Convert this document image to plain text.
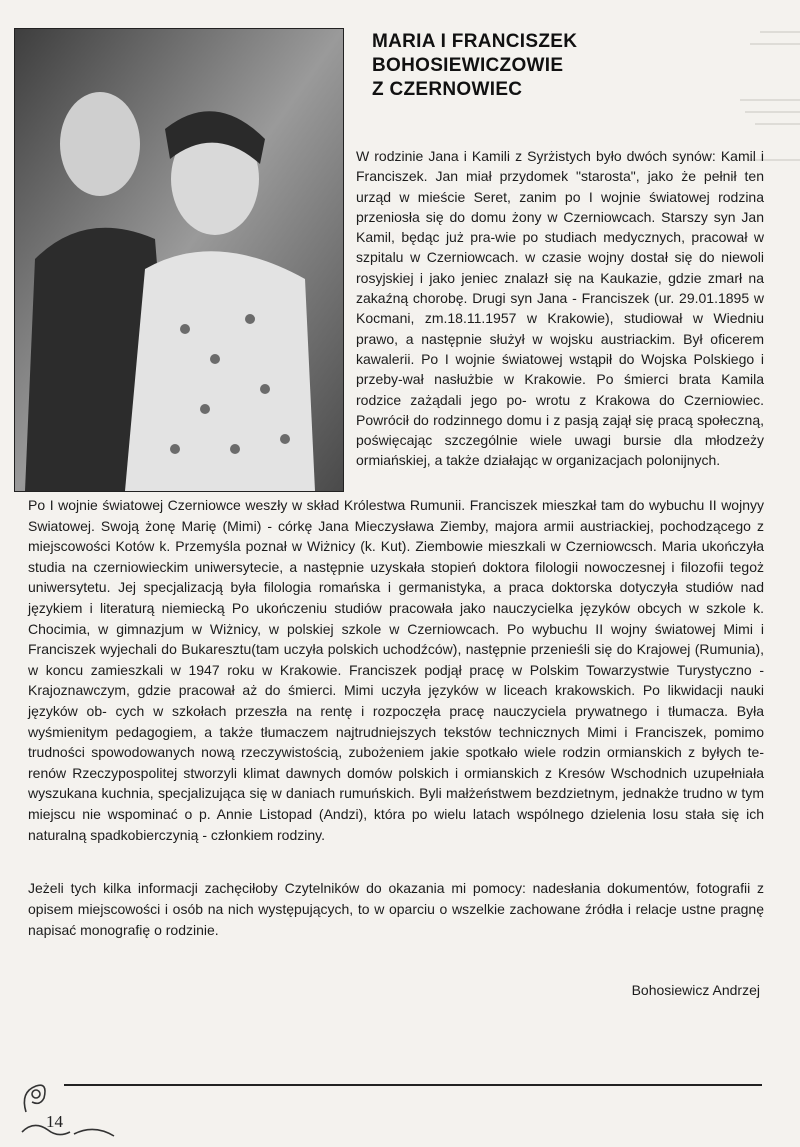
MARIA I FRANCISZEK
BOHOSIEWICZOWIE
Z CZERNOWIEC
W rodzinie Jana i Kamili z Syrżistych było dwóch synów: Kamil i Franciszek. Jan miał przydomek "starosta", jako że pełnił ten urząd w mieście Seret, zanim po I wojnie światowej rodzina przeniosła się do domu żony w Czerniowcach. Starszy syn Jan Kamil, będąc już pra-wie po studiach medycznych, pracował w szpitalu w Czerniowcach. w czasie wojny dostał się do niewoli rosyjskiej i jako jeniec znalazł się na Kaukazie, gdzie zmarł na zakaźną chorobę. Drugi syn Jana - Franciszek (ur. 29.01.1895 w Kocmani, zm.18.11.1957 w Krakowie), studiował w Wiedniu prawo, a następnie służył w wojsku austriackim. Był oficerem kawalerii. Po I wojnie światowej wstąpił do Wojska Polskiego i przeby-wał nasłużbie w Krakowie. Po śmierci brata Kamila rodzice zażądali jego po- wrotu z Krakowa do Czerniowiec. Powrócił do rodzinnego domu i z pasją zajął się pracą społeczną, poświęcając szczególnie wiele uwagi bursie dla młodzeży ormiańskiej, a także działając w organizacjach polonijnych.
Po I wojnie światowej Czerniowce weszły w skład Królestwa Rumunii. Franciszek mieszkał tam do wybuchu II wojnyy Swiatowej. Swoją żonę Marię (Mimi) - córkę Jana Mieczysława Ziemby, majora armii austriackiej, pochodzącego z miejscowości Kotów k. Przemyśla poznał w Wiżnicy (k. Kut). Ziembowie mieszkali w Czerniowcsch. Maria ukończyła studia na czerniowieckim uniwersytecie, a następnie uzyskała stopień doktora filologii nowoczesnej i filozofii tegoż uniwersytetu. Jej specjalizacją była filologia romańska i germanistyka, a praca doktorska dotyczyła studiów nad językiem i literaturą niemiecką Po ukończeniu studiów pracowała jako nauczycielka języków obcych w szkole k. Chocimia, w gimnazjum w Wiżnicy, w polskiej szkole w Czerniowcach. Po wybuchu II wojny światowej Mimi i Franciszek wyjechali do Bukaresztu(tam uczyła polskich uchodźców), następnie przenieśli się do Krajowej (Rumunia), w koncu zamieszkali w 1947 roku w Krakowie. Franciszek podjął pracę w Polskim Towarzystwie Turystyczno - Krajoznawczym, gdzie pracował aż do śmierci. Mimi uczyła języków w liceach krakowskich. Po likwidacji nauki języków ob- cych w szkołach przeszła na rentę i rozpoczęła pracę nauczyciela prywatnego i tłumacza. Była wyśmienitym pedagogiem, a także tłumaczem najtrudniejszych tekstów technicznych Mimi i Franciszek, pomimo trudności spowodowanych nową rzeczywistością, zubożeniem jakie spotkało wiele rodzin ormianskich z byłych te- renów Rzeczypospolitej stworzyli klimat dawnych domów polskich i ormianskich z Kresów Wschodnich uzupełniała wyszukana kuchnia, specjalizująca się w daniach rumuńskich. Byli małżeństwem bezdzietnym, jednakże trudno w tym miejscu nie wspominać o p. Annie Listopad (Andzi), która po wielu latach wspólnego dzielenia losu stała się ich naturalną spadkobierczynią - członkiem rodziny.
Jeżeli tych kilka informacji zachęciłoby Czytelników do okazania mi pomocy: nadesłania dokumentów, fotografii z opisem miejscowości i osób na nich występujących, to w oparciu o wszelkie zachowane źródła i relacje ustne pragnę napisać monografię o rodzinie.
Bohosiewicz Andrzej
14
